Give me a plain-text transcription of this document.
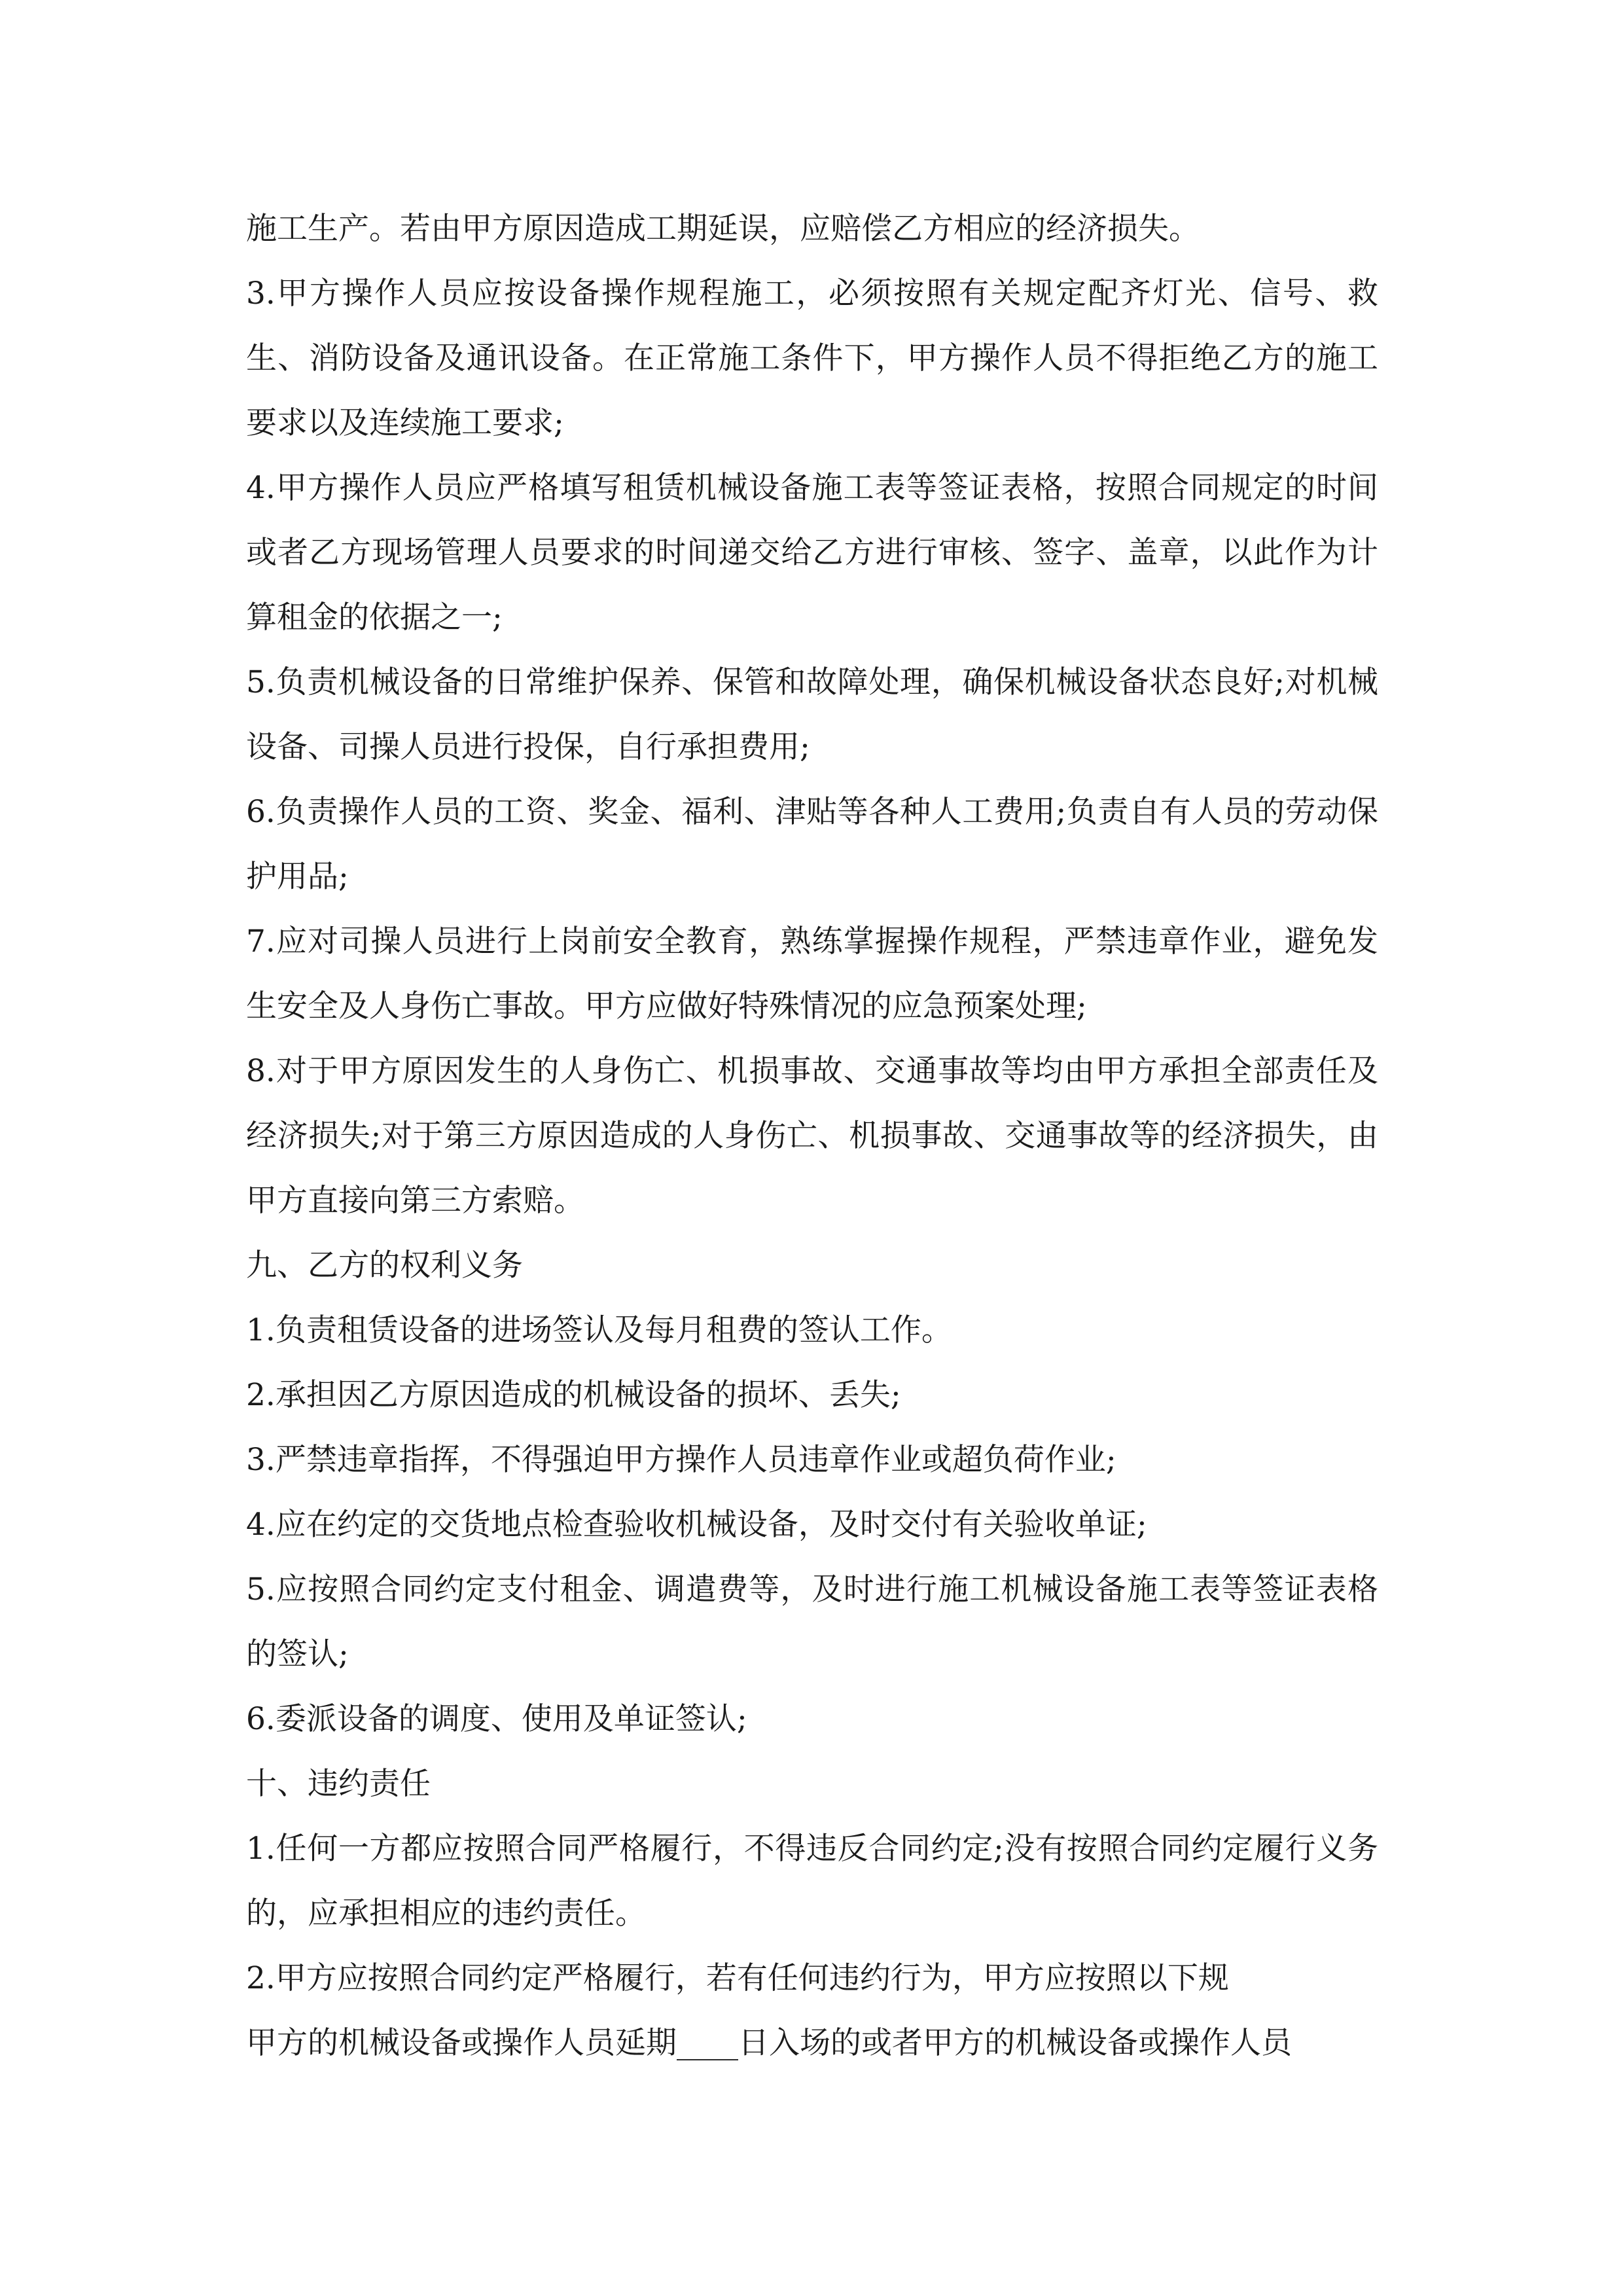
施工生产。若由甲方原因造成工期延误，应赔偿乙方相应的经济损失。

3.甲方操作人员应按设备操作规程施工，必须按照有关规定配齐灯光、信号、救生、消防设备及通讯设备。在正常施工条件下，甲方操作人员不得拒绝乙方的施工要求以及连续施工要求;

4.甲方操作人员应严格填写租赁机械设备施工表等签证表格，按照合同规定的时间或者乙方现场管理人员要求的时间递交给乙方进行审核、签字、盖章，以此作为计算租金的依据之一;

5.负责机械设备的日常维护保养、保管和故障处理，确保机械设备状态良好;对机械设备、司操人员进行投保，自行承担费用;

6.负责操作人员的工资、奖金、福利、津贴等各种人工费用;负责自有人员的劳动保护用品;

7.应对司操人员进行上岗前安全教育，熟练掌握操作规程，严禁违章作业，避免发生安全及人身伤亡事故。甲方应做好特殊情况的应急预案处理;

8.对于甲方原因发生的人身伤亡、机损事故、交通事故等均由甲方承担全部责任及经济损失;对于第三方原因造成的人身伤亡、机损事故、交通事故等的经济损失，由甲方直接向第三方索赔。

九、乙方的权利义务

1.负责租赁设备的进场签认及每月租费的签认工作。

2.承担因乙方原因造成的机械设备的损坏、丢失;

3.严禁违章指挥，不得强迫甲方操作人员违章作业或超负荷作业;

4.应在约定的交货地点检查验收机械设备，及时交付有关验收单证;

5.应按照合同约定支付租金、调遣费等，及时进行施工机械设备施工表等签证表格的签认;

6.委派设备的调度、使用及单证签认;

十、违约责任

1.任何一方都应按照合同严格履行，不得违反合同约定;没有按照合同约定履行义务的，应承担相应的违约责任。

2.甲方应按照合同约定严格履行，若有任何违约行为，甲方应按照以下规

甲方的机械设备或操作人员延期____日入场的或者甲方的机械设备或操作人员
